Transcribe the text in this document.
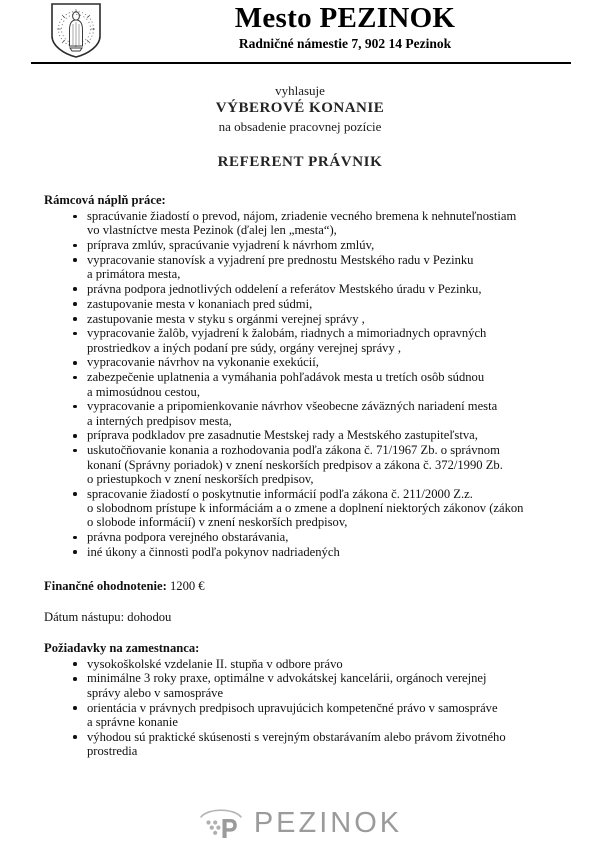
Mesto PEZINOK
Radničné námestie 7, 902 14 Pezinok
vyhlasuje
VÝBEROVÉ KONANIE
na obsadenie pracovnej pozície
REFERENT PRÁVNIK
Rámcová náplň práce:
spracúvanie žiadostí o prevod, nájom, zriadenie vecného bremena k nehnuteľnostiam
vo vlastníctve mesta Pezinok (ďalej len „mesta“),
príprava zmlúv, spracúvanie vyjadrení k návrhom zmlúv,
vypracovanie stanovísk a vyjadrení pre prednostu Mestského radu v Pezinku
a primátora mesta,
právna podpora jednotlivých oddelení a referátov Mestského úradu v Pezinku,
zastupovanie mesta v konaniach pred súdmi,
zastupovanie mesta v styku s orgánmi verejnej správy ,
vypracovanie žalôb, vyjadrení k žalobám, riadnych a mimoriadnych opravných
prostriedkov a iných podaní pre súdy, orgány verejnej správy ,
vypracovanie návrhov na vykonanie exekúcií,
zabezpečenie uplatnenia a vymáhania pohľadávok mesta u tretích osôb súdnou
a mimosúdnou cestou,
vypracovanie a pripomienkovanie návrhov všeobecne záväzných nariadení mesta
a interných predpisov mesta,
príprava podkladov pre zasadnutie Mestskej rady a Mestského zastupiteľstva,
uskutočňovanie konania a rozhodovania podľa zákona č. 71/1967 Zb. o správnom
konaní (Správny poriadok) v znení neskorších predpisov a zákona č. 372/1990 Zb.
o priestupkoch v znení neskorších predpisov,
spracovanie žiadostí o poskytnutie informácií podľa zákona č. 211/2000 Z.z.
o slobodnom prístupe k informáciám a o zmene a doplnení niektorých zákonov (zákon
o slobode informácií) v znení neskorších predpisov,
právna podpora verejného obstarávania,
iné úkony a činnosti podľa pokynov nadriadených
Finančné ohodnotenie: 1200 €
Dátum nástupu: dohodou
Požiadavky na zamestnanca:
vysokoškolské vzdelanie II. stupňa v odbore právo
minimálne 3 roky praxe, optimálne v advokátskej kancelárii, orgánoch verejnej
správy alebo v samospráve
orientácia v právnych predpisoch upravujúcich kompetenčné právo v samospráve
a správne konanie
výhodou sú praktické skúsenosti s verejným obstarávaním alebo právom životného
prostredia
PEZINOK
